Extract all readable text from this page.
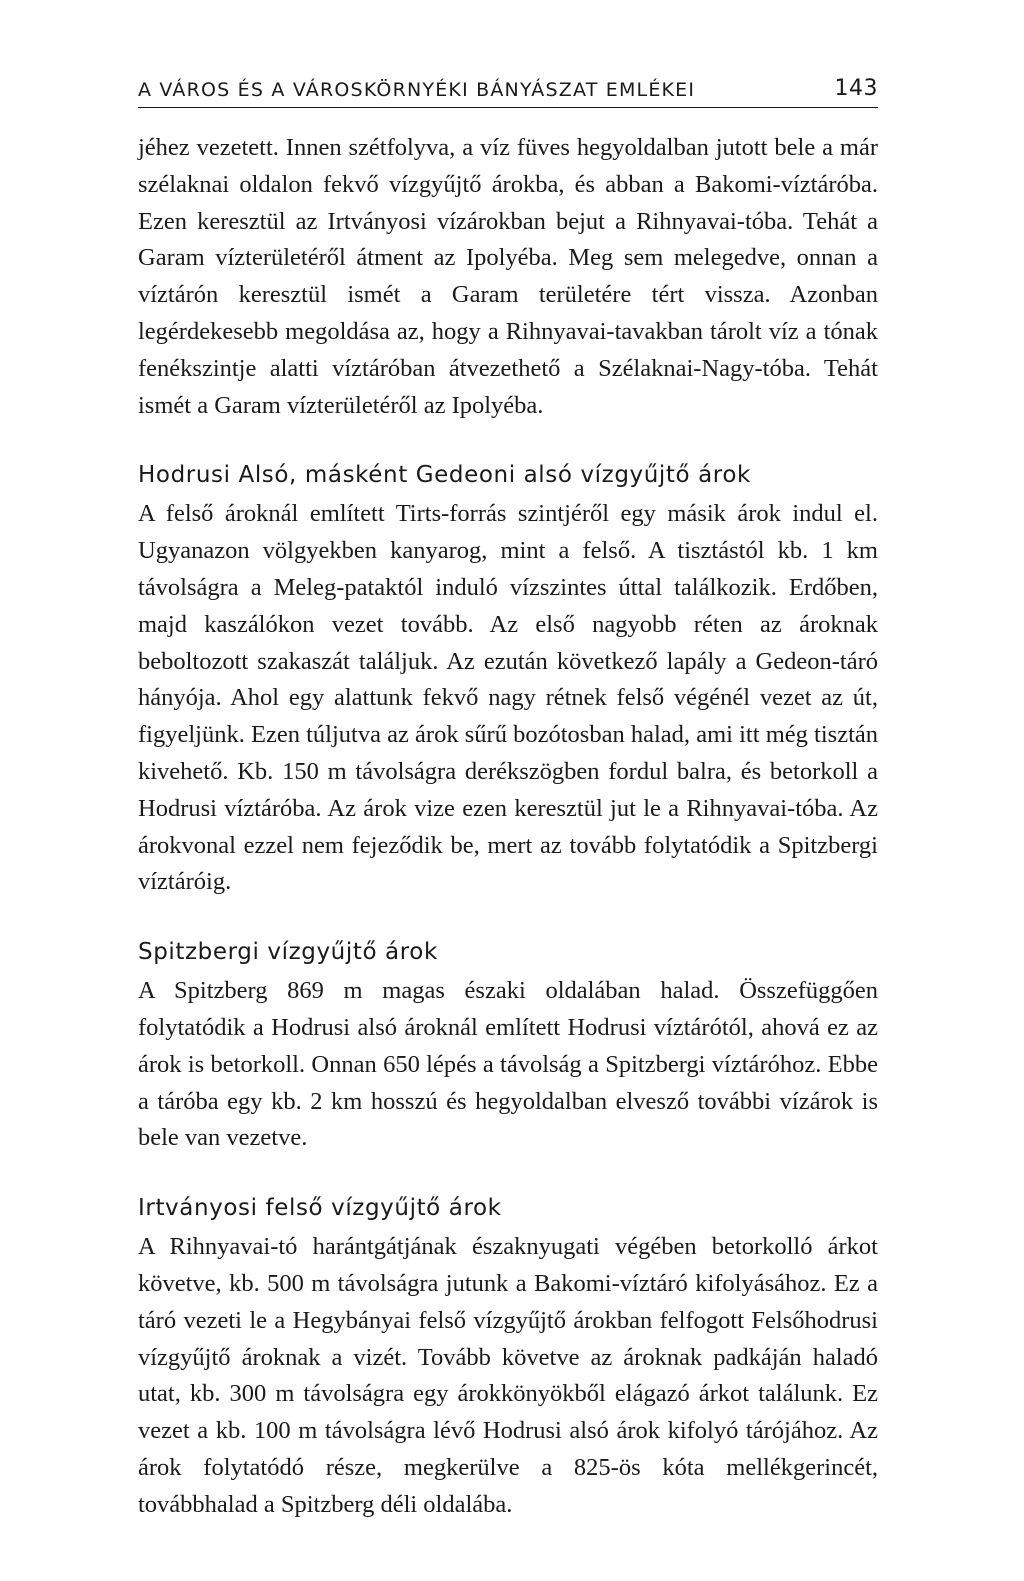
A VÁROS ÉS A VÁROSKÖRNYÉKI BÁNYÁSZAT EMLÉKEI	143

jéhez vezetett. Innen szétfolyva, a víz füves hegyoldalban jutott bele a már szélaknai oldalon fekvő vízgyűjtő árokba, és abban a Bakomi-víztáróba. Ezen keresztül az Irtványosi vízárokban bejut a Rihnyavai-tóba. Tehát a Garam vízterületéről átment az Ipolyéba. Meg sem melegedve, onnan a víztárón keresztül ismét a Garam területére tért vissza. Azonban legérdekesebb megoldása az, hogy a Rihnyavai-tavakban tárolt víz a tónak fenékszintje alatti víztáróban átvezethető a Szélaknai-Nagy-tóba. Tehát ismét a Garam vízterületéről az Ipolyéba.

Hodrusi Alsó, másként Gedeoni alsó vízgyűjtő árok

A felső ároknál említett Tirts-forrás szintjéről egy másik árok indul el. Ugyanazon völgyekben kanyarog, mint a felső. A tisztástól kb. 1 km távolságra a Meleg-pataktól induló vízszintes úttal találkozik. Erdőben, majd kaszálókon vezet tovább. Az első nagyobb réten az ároknak beboltozott szakaszát találjuk. Az ezután következő lapály a Gedeon-táró hányója. Ahol egy alattunk fekvő nagy rétnek felső végénél vezet az út, figyeljünk. Ezen túljutva az árok sűrű bozótosban halad, ami itt még tisztán kivehető. Kb. 150 m távolságra derékszögben fordul balra, és betorkoll a Hodrusi víztáróba. Az árok vize ezen keresztül jut le a Rihnyavai-tóba. Az árokvonal ezzel nem fejeződik be, mert az tovább folytatódik a Spitzbergi víztáróig.

Spitzbergi vízgyűjtő árok

A Spitzberg 869 m magas északi oldalában halad. Összefüggően folytatódik a Hodrusi alsó ároknál említett Hodrusi víztárótól, ahová ez az árok is betorkoll. Onnan 650 lépés a távolság a Spitzbergi víztáróhoz. Ebbe a táróba egy kb. 2 km hosszú és hegyoldalban elvesző további vízárok is bele van vezetve.

Irtványosi felső vízgyűjtő árok

A Rihnyavai-tó harántgátjának északnyugati végében betorkolló árkot követve, kb. 500 m távolságra jutunk a Bakomi-víztáró kifolyásához. Ez a táró vezeti le a Hegybányai felső vízgyűjtő árokban felfogott Felsőhodrusi vízgyűjtő ároknak a vizét. Tovább követve az ároknak padkáján haladó utat, kb. 300 m távolságra egy árokkönyökből elágazó árkot találunk. Ez vezet a kb. 100 m távolságra lévő Hodrusi alsó árok kifolyó tárójához. Az árok folytatódó része, megkerülve a 825-ös kóta mellékgerincét, továbbhalad a Spitzberg déli oldalába.
